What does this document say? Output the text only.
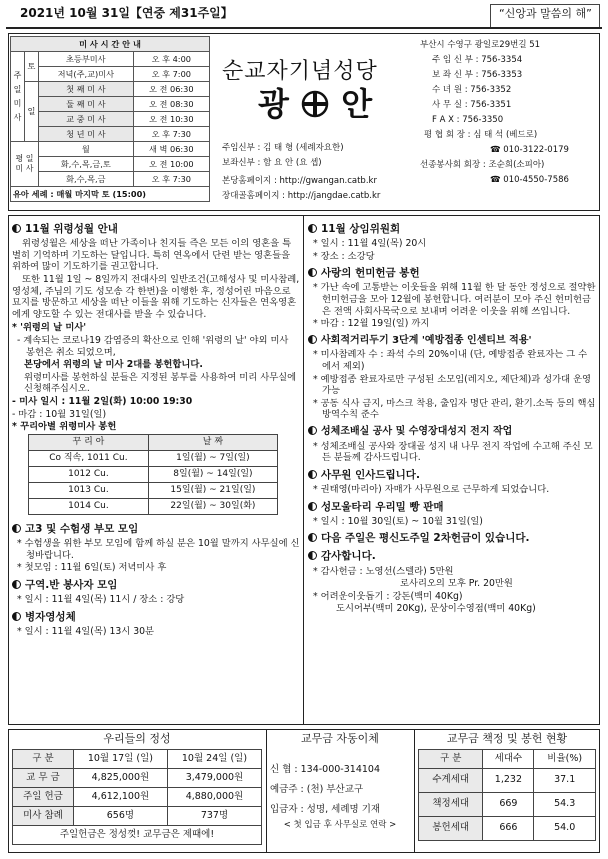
2021년 10월 31일【연중 제31주일】	“신앙과 말씀의 해”
미 사 시 간 안 내			
주 일 미 사	토	초등부미사	오 후 4:00
		저녁(주,교)미사	오 후 7:00
	일	첫 째 미 사	오 전 06:30
		둘 째 미 사	오 전 08:30
		교 중 미 사	오 전 10:30
		청 년 미 사	오 후 7:30
평 일 미 사		월	새 벽 06:30
		화,수,목,금,토	오 전 10:00
		화,수,목,금	오 후 7:30
유아 세례 : 매월 마지막 토 (15:00)			
순교자기념성당
광 안
주임신부 : 김 태 형 (세례자요한)
보좌신부 : 함 요 안 (요 셉)
본당홈페이지 : http://gwangan.catb.kr
장대골홈페이지 : http://jangdae.catb.kr
부산시 수영구 광일로29번길 51
주 임 신 부 : 756-3354
보 좌 신 부 : 756-3353
수 녀 원 : 756-3352
사 무 실 : 756-3351
F A X : 756-3350
평 협 회 장 : 심 태 석 (베드로)
☎ 010-3122-0179
선종봉사회 회장 : 조순희(소피아)
☎ 010-4550-7586
11월 위령성월 안내

위령성월은 세상을 떠난 가족이나 친지들 즉은 모든 이의 영혼을 특별히 기억하며 기도하는 달입니다. 특히 연옥에서 단련 받는 영혼들을 위하여 많이 기도하기를 권고합니다.

또한 11월 1일 ~ 8일까지 전대사의 일반조건(고해성사 및 미사참례, 영성체, 주님의 기도 성모송 각 한번)을 이행한 후, 정성어린 마음으로 묘지를 방문하고 세상을 떠난 이들을 위해 기도하는 신자들은 연옥영혼에게 양도할 수 있는 전대사를 받을 수 있습니다.

* '위령의 날 미사'

- 계속되는 코로나19 감염증의 확산으로 인해 '위령의 날' 야외 미사 봉헌은 취소 되었으며,

본당에서 위령의 날 미사 2대를 봉헌합니다.

위령미사를 봉헌하실 분들은 지정된 봉투를 사용하여 미리 사무실에 신청해주십시오.

- 미사 일시 : 11월 2일(화) 10:00 19:30

- 마감 : 10월 31일(일)

* 꾸리아별 위령미사 봉헌

꾸 리 아	날 짜
Co 직속, 1011 Cu.	1일(월) ~ 7일(일)
1012 Cu.	8일(월) ~ 14일(일)
1013 Cu.	15일(월) ~ 21일(일)
1014 Cu.	22일(월) ~ 30일(화)
고3 및 수험생 부모 모임

* 수험생을 위한 부모 모임에 함께 하실 분은 10월 말까지 사무실에 신청바랍니다.

* 첫모임 : 11월 6일(토) 저녁미사 후

구역.반 봉사자 모임

* 일시 : 11월 4일(목) 11시 / 장소 : 강당

병자영성체

* 일시 : 11월 4일(목) 13시 30분

11월 상임위원회

* 일시 : 11월 4일(목) 20시

* 장소 : 소강당

사랑의 헌미헌금 봉헌

* 가난 속에 고통받는 이웃들을 위해 11월 한 달 동안 정성으로 절약한 헌미헌금을 모아 12월에 봉헌합니다. 여러분이 모아 주신 헌미헌금은 전액 사회사목국으로 보내며 어려운 이웃을 위해 쓰입니다.

* 마감 : 12월 19일(일) 까지

사회적거리두기 3단계 '예방접종 인센티브 적용'

* 미사참례자 수 : 좌석 수의 20%이내 (단, 예방접종 완료자는 그 수에서 제외)

* 예방접종 완료자로만 구성된 소모임(레지오, 제단체)과 성가대 운영 가능

* 공동 식사 금지, 마스크 착용, 출입자 명단 관리, 환기.소독 등의 핵심 방역수칙 준수

성체조배실 공사 및 수영장대성지 전지 작업

* 성체조배실 공사와 장대골 성지 내 나무 전지 작업에 수고해 주신 모든 분들께 감사드립니다.

사무원 인사드립니다.

* 권태영(마리아) 자매가 사무원으로 근무하게 되었습니다.

성모울타리 우리밀 빵 판매

* 일시 : 10월 30일(토) ~ 10월 31일(일)

다음 주일은 평신도주일 2차헌금이 있습니다.
감사합니다.

* 감사헌금 : 노영선(스텔라) 5만원

로사리오의 모후 Pr. 20만원

* 어려운이웃돕기 : 강돈(백미 40Kg)

도시어부(백미 20Kg), 문상이수영점(백미 40Kg)

우리들의 정성
구 분	10월 17일 (일)	10월 24일 (일)
교 무 금	4,825,000원	3,479,000원
주일 헌금	4,612,100원	4,880,000원
미사 참례	656명	737명
주일헌금은 정성껏! 교무금은 제때에!		
교무금 자동이체
신 협 : 134-000-314104
예금주 : (천) 부산교구
입금자 : 성명, 세례명 기재
< 첫 입금 후 사무실로 연락 >
교무금 책정 및 봉헌 현황
구 분	세대수	비율(%)
수계세대	1,232	37.1
책정세대	669	54.3
봉헌세대	666	54.0
